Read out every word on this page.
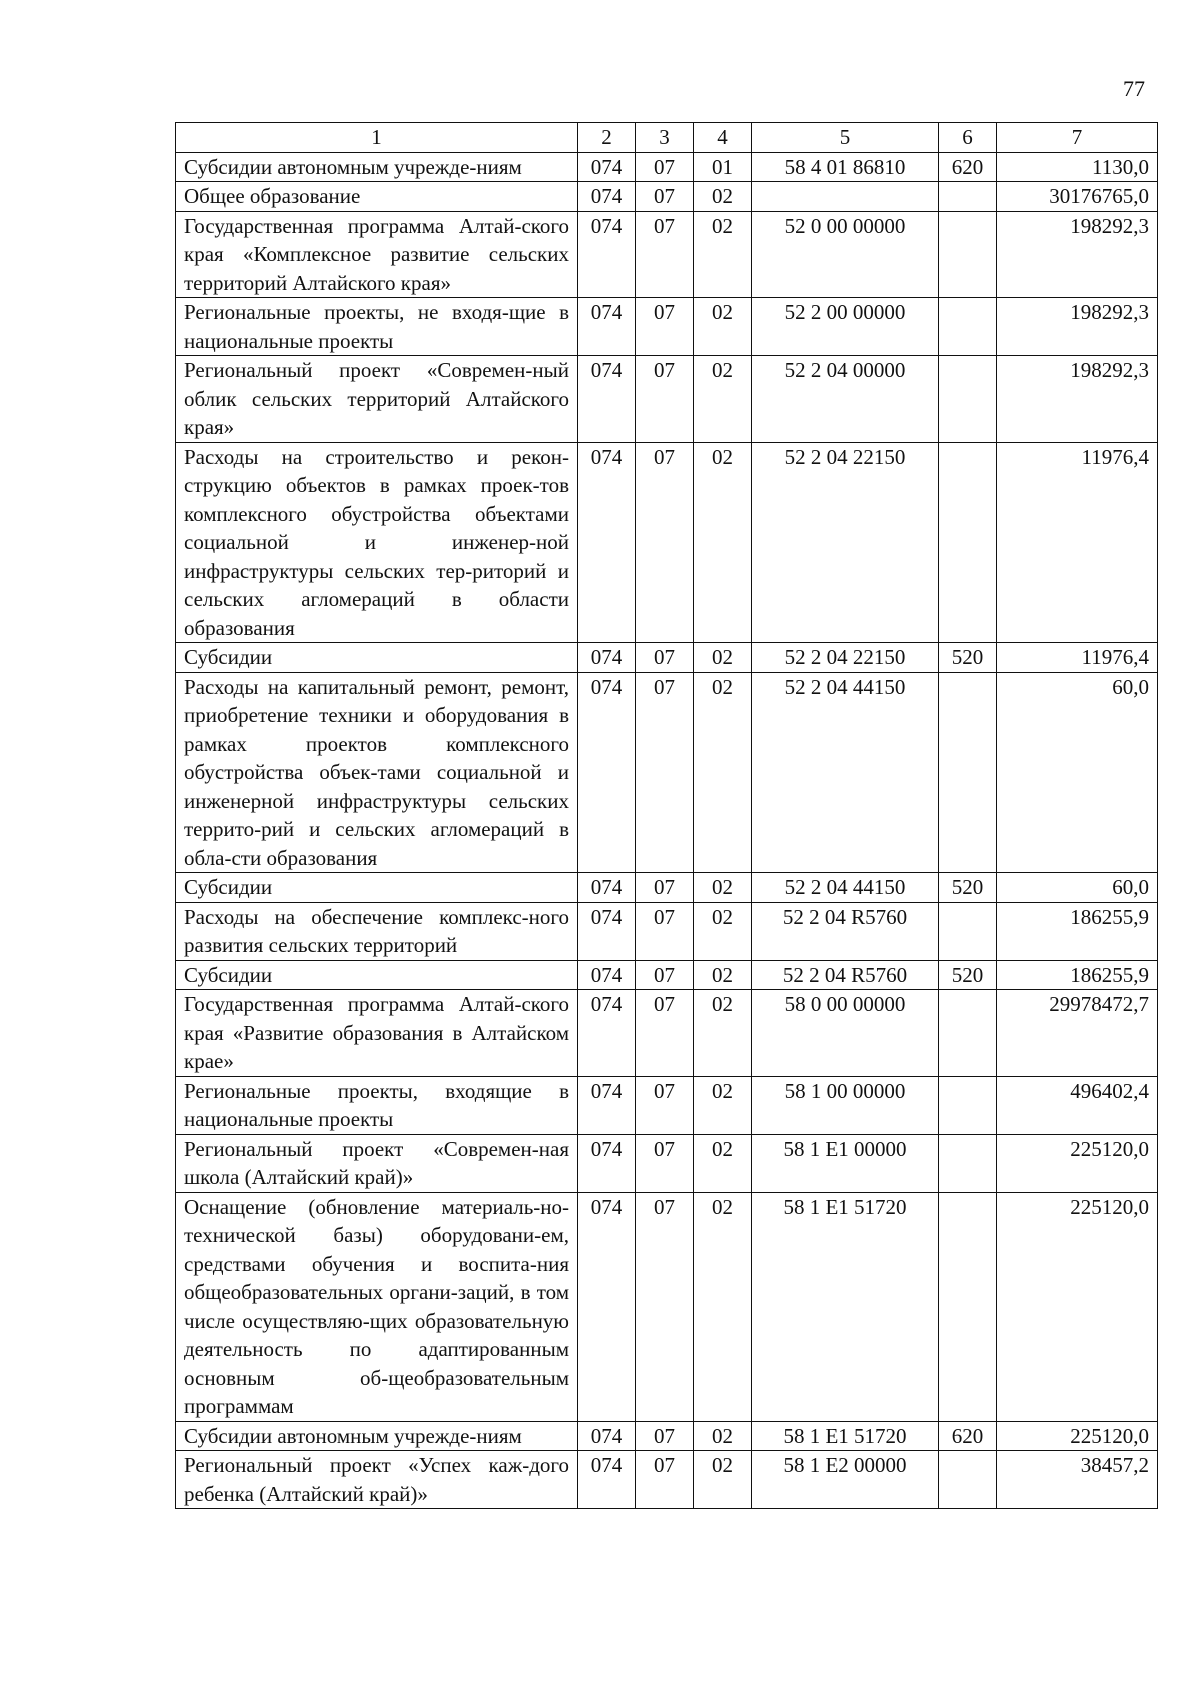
77
1	2	3	4	5	6	7
Субсидии автономным учрежде-ниям	074	07	01	58 4 01 86810	620	1130,0
Общее образование	074	07	02			30176765,0
Государственная программа Алтай-ского края «Комплексное развитие сельских территорий Алтайского края»	074	07	02	52 0 00 00000		198292,3
Региональные проекты, не входя-щие в национальные проекты	074	07	02	52 2 00 00000		198292,3
Региональный проект «Современ-ный облик сельских территорий Алтайского края»	074	07	02	52 2 04 00000		198292,3
Расходы на строительство и рекон-струкцию объектов в рамках проек-тов комплексного обустройства объектами социальной и инженер-ной инфраструктуры сельских тер-риторий и сельских агломераций в области образования	074	07	02	52 2 04 22150		11976,4
Субсидии	074	07	02	52 2 04 22150	520	11976,4
Расходы на капитальный ремонт, ремонт, приобретение техники и оборудования в рамках проектов комплексного обустройства объек-тами социальной и инженерной инфраструктуры сельских террито-рий и сельских агломераций в обла-сти образования	074	07	02	52 2 04 44150		60,0
Субсидии	074	07	02	52 2 04 44150	520	60,0
Расходы на обеспечение комплекс-ного развития сельских территорий	074	07	02	52 2 04 R5760		186255,9
Субсидии	074	07	02	52 2 04 R5760	520	186255,9
Государственная программа Алтай-ского края «Развитие образования в Алтайском крае»	074	07	02	58 0 00 00000		29978472,7
Региональные проекты, входящие в национальные проекты	074	07	02	58 1 00 00000		496402,4
Региональный проект «Современ-ная школа (Алтайский край)»	074	07	02	58 1 E1 00000		225120,0
Оснащение (обновление материаль-но-технической базы) оборудовани-ем, средствами обучения и воспита-ния общеобразовательных органи-заций, в том числе осуществляю-щих образовательную деятельность по адаптированным основным об-щеобразовательным программам	074	07	02	58 1 E1 51720		225120,0
Субсидии автономным учрежде-ниям	074	07	02	58 1 E1 51720	620	225120,0
Региональный проект «Успех каж-дого ребенка (Алтайский край)»	074	07	02	58 1 E2 00000		38457,2
